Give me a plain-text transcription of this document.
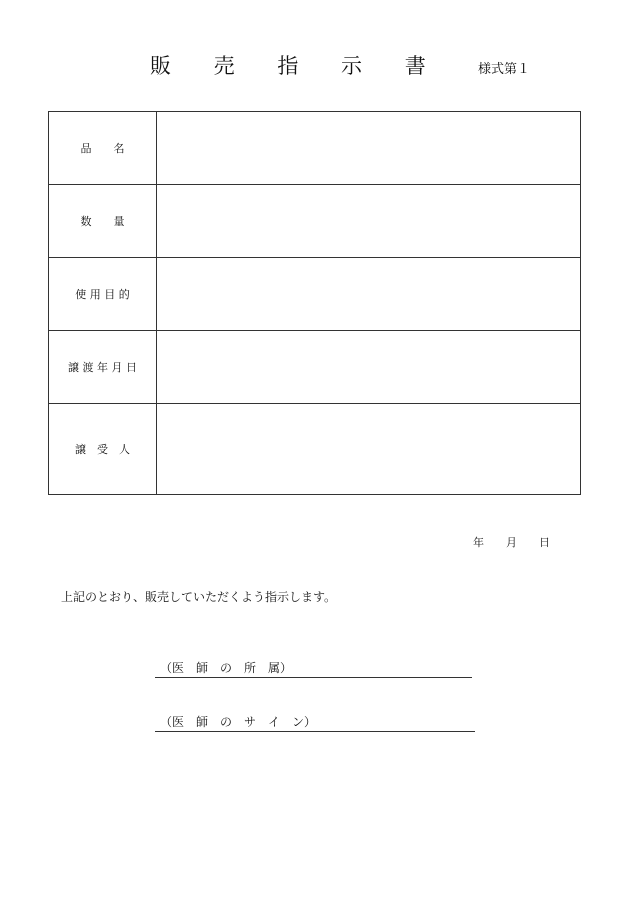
販 売 指 示 書	様式第１
品　　名	
数　　量	
使 用 目 的	
譲 渡 年 月 日	
譲　受　人	
年　　月　　日
上記のとおり、販売していただくよう指示します。
（医　師　の　所　属）
（医　師　の　サ　イ　ン）
